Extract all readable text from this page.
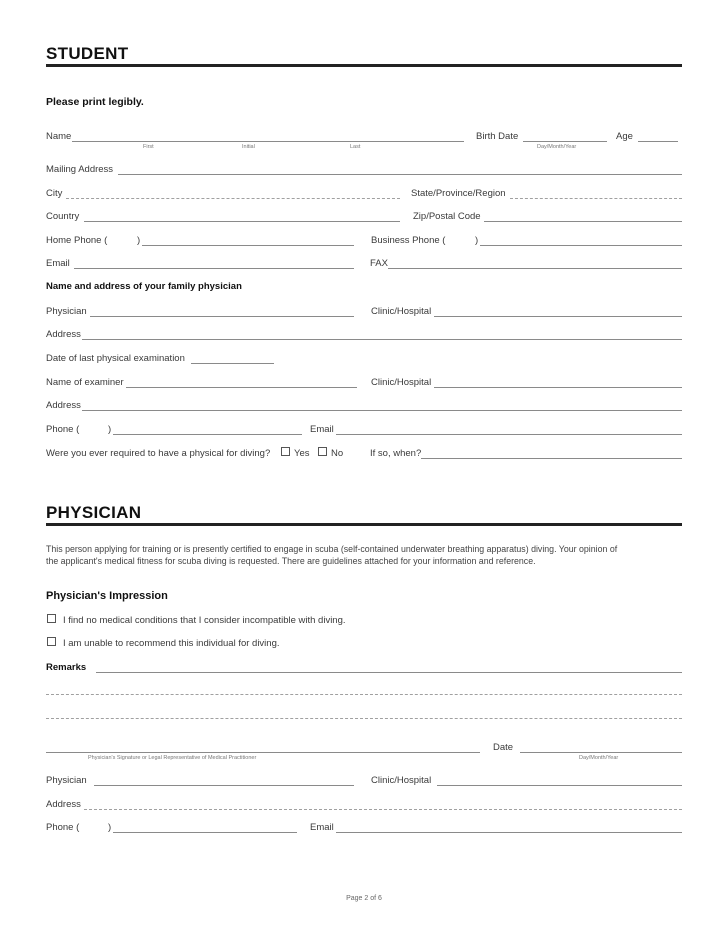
STUDENT
Please print legibly.
Name
First	Initial	Last
Birth Date
Day/Month/Year
Age
Mailing Address
City	State/Province/Region
Country	Zip/Postal Code
Home Phone (	)	Business Phone (	)
Email	FAX
Name and address of your family physician
Physician	Clinic/Hospital
Address
Date of last physical examination
Name of examiner	Clinic/Hospital
Address
Phone (	)	Email
Were you ever required to have a physical for diving? Yes No	If so, when?
PHYSICIAN
This person applying for training or is presently certified to engage in scuba (self-contained underwater breathing apparatus) diving. Your opinion of
the applicant's medical fitness for scuba diving is requested. There are guidelines attached for your information and reference.
Physician's Impression
I find no medical conditions that I consider incompatible with diving.
I am unable to recommend this individual for diving.
Remarks
Physician's Signature or Legal Representative of Medical Practitioner
Date
Day/Month/Year
Physician	Clinic/Hospital
Address
Phone (	)	Email
Page 2 of 6
